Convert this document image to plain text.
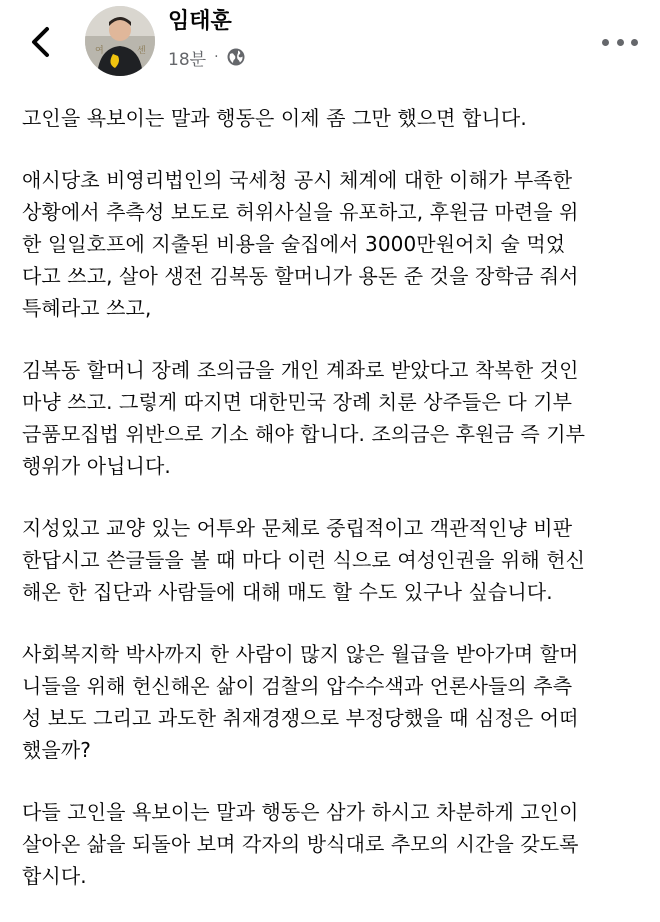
여	센
임태훈
18분 ·
고인을 욕보이는 말과 행동은 이제 좀 그만 했으면 합니다.
애시당초 비영리법인의 국세청 공시 체계에 대한 이해가 부족한
상황에서 추측성 보도로 허위사실을 유포하고, 후원금 마련을 위
한 일일호프에 지출된 비용을 술집에서 3000만원어치 술 먹었
다고 쓰고, 살아 생전 김복동 할머니가 용돈 준 것을 장학금 줘서
특혜라고 쓰고,
김복동 할머니 장례 조의금을 개인 계좌로 받았다고 착복한 것인
마냥 쓰고. 그렇게 따지면 대한민국 장례 치룬 상주들은 다 기부
금품모집법 위반으로 기소 해야 합니다. 조의금은 후원금 즉 기부
행위가 아닙니다.
지성있고 교양 있는 어투와 문체로 중립적이고 객관적인냥 비판
한답시고 쓴글들을 볼 때 마다 이런 식으로 여성인권을 위해 헌신
해온 한 집단과 사람들에 대해 매도 할 수도 있구나 싶습니다.
사회복지학 박사까지 한 사람이 많지 않은 월급을 받아가며 할머
니들을 위해 헌신해온 삶이 검찰의 압수수색과 언론사들의 추측
성 보도 그리고 과도한 취재경쟁으로 부정당했을 때 심정은 어떠
했을까?
다들 고인을 욕보이는 말과 행동은 삼가 하시고 차분하게 고인이
살아온 삶을 되돌아 보며 각자의 방식대로 추모의 시간을 갖도록
합시다.
